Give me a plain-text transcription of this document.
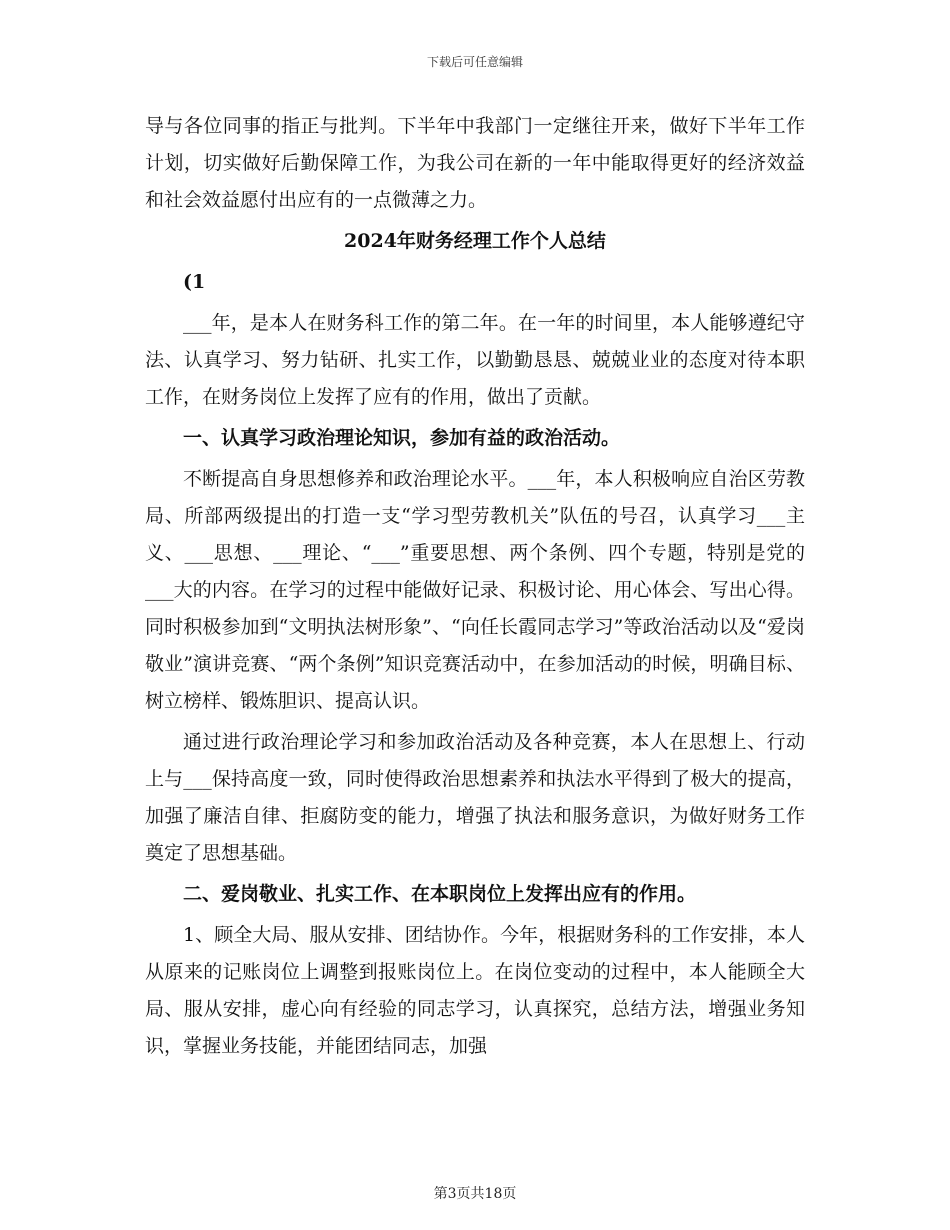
下载后可任意编辑

导与各位同事的指正与批判。下半年中我部门一定继往开来，做好下半年工作计划，切实做好后勤保障工作，为我公司在新的一年中能取得更好的经济效益和社会效益愿付出应有的一点微薄之力。

2024年财务经理工作个人总结

(1

___年，是本人在财务科工作的第二年。在一年的时间里，本人能够遵纪守法、认真学习、努力钻研、扎实工作，以勤勤恳恳、兢兢业业的态度对待本职工作，在财务岗位上发挥了应有的作用，做出了贡献。

一、认真学习政治理论知识，参加有益的政治活动。

不断提高自身思想修养和政治理论水平。___年，本人积极响应自治区劳教局、所部两级提出的打造一支“学习型劳教机关”队伍的号召，认真学习___主义、___思想、___理论、“___”重要思想、两个条例、四个专题，特别是党的___大的内容。在学习的过程中能做好记录、积极讨论、用心体会、写出心得。同时积极参加到“文明执法树形象”、“向任长霞同志学习”等政治活动以及“爱岗敬业”演讲竞赛、“两个条例”知识竞赛活动中，在参加活动的时候，明确目标、树立榜样、锻炼胆识、提高认识。

通过进行政治理论学习和参加政治活动及各种竞赛，本人在思想上、行动上与___保持高度一致，同时使得政治思想素养和执法水平得到了极大的提高，加强了廉洁自律、拒腐防变的能力，增强了执法和服务意识，为做好财务工作奠定了思想基础。

二、爱岗敬业、扎实工作、在本职岗位上发挥出应有的作用。

1、顾全大局、服从安排、团结协作。今年，根据财务科的工作安排，本人从原来的记账岗位上调整到报账岗位上。在岗位变动的过程中，本人能顾全大局、服从安排，虚心向有经验的同志学习，认真探究，总结方法，增强业务知识，掌握业务技能，并能团结同志，加强

第3页共18页
